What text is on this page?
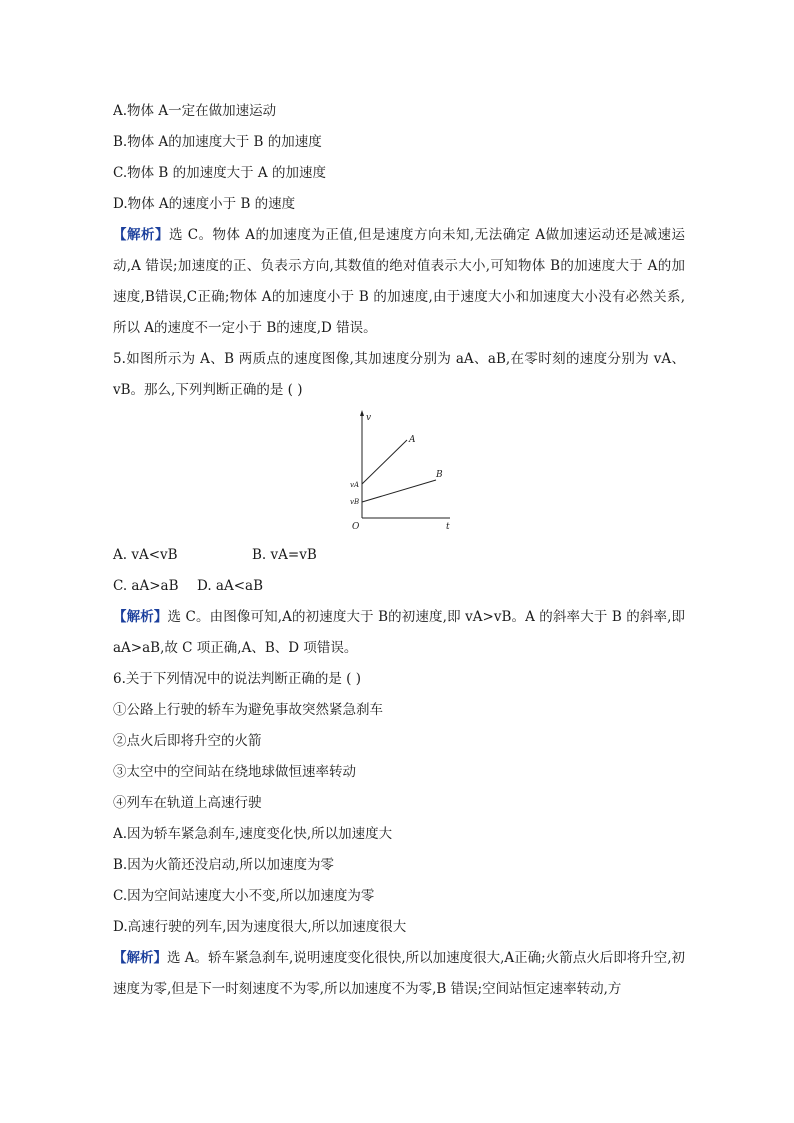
A.物体 A一定在做加速运动
B.物体 A的加速度大于 B 的加速度
C.物体 B 的加速度大于 A 的加速度
D.物体 A的速度小于 B 的速度
【解析】选 C。物体 A的加速度为正值,但是速度方向未知,无法确定 A做加速运动还是减速运动,A 错误;加速度的正、负表示方向,其数值的绝对值表示大小,可知物体 B的加速度大于 A的加速度,B错误,C正确;物体 A的加速度小于 B 的加速度,由于速度大小和加速度大小没有必然关系,所以 A的速度不一定小于 B的速度,D 错误。
5.如图所示为 A、B 两质点的速度图像,其加速度分别为 aA、aB,在零时刻的速度分别为 vA、vB。那么,下列判断正确的是 ( )
v
t
O
A
B
vA
vB
A. vA<vB	B. vA=vB
C. aA>aB D. aA<aB
【解析】选 C。由图像可知,A的初速度大于 B的初速度,即 vA>vB。A 的斜率大于 B 的斜率,即 aA>aB,故 C 项正确,A、B、D 项错误。
6.关于下列情况中的说法判断正确的是 ( )
①公路上行驶的轿车为避免事故突然紧急刹车
②点火后即将升空的火箭
③太空中的空间站在绕地球做恒速率转动
④列车在轨道上高速行驶
A.因为轿车紧急刹车,速度变化快,所以加速度大
B.因为火箭还没启动,所以加速度为零
C.因为空间站速度大小不变,所以加速度为零
D.高速行驶的列车,因为速度很大,所以加速度很大
【解析】选 A。轿车紧急刹车,说明速度变化很快,所以加速度很大,A正确;火箭点火后即将升空,初速度为零,但是下一时刻速度不为零,所以加速度不为零,B 错误;空间站恒定速率转动,方
